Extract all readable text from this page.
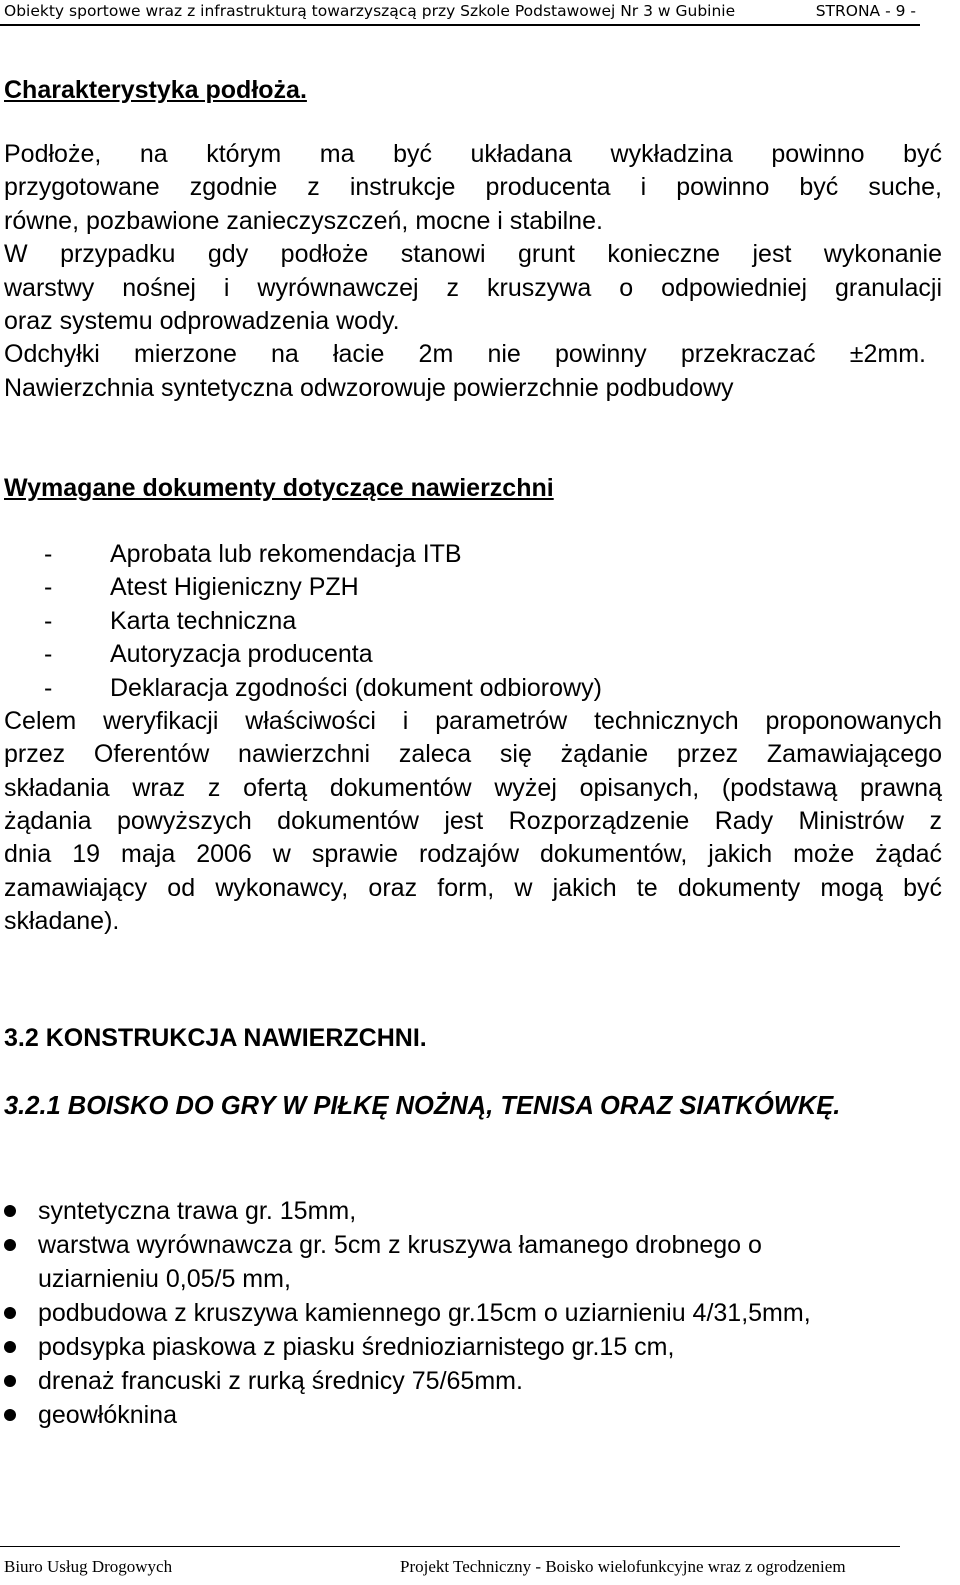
Obiekty sportowe wraz z infrastrukturą towarzyszącą przy Szkole Podstawowej Nr 3 w Gubinie	STRONA - 9 -
Charakterystyka podłoża.
Podłoże, na którym ma być układana wykładzina powinno być
przygotowane zgodnie z instrukcje producenta i powinno być suche,
równe, pozbawione zanieczyszczeń, mocne i stabilne.
W przypadku gdy podłoże stanowi grunt konieczne jest wykonanie
warstwy nośnej i wyrównawczej z kruszywa o odpowiedniej granulacji
oraz systemu odprowadzenia wody.
Odchyłki mierzone na łacie 2m nie powinny przekraczać ±2mm.
Nawierzchnia syntetyczna odwzorowuje powierzchnie podbudowy
Wymagane dokumenty dotyczące nawierzchni
- Aprobata lub rekomendacja ITB
- Atest Higieniczny PZH
- Karta techniczna
- Autoryzacja producenta
- Deklaracja zgodności (dokument odbiorowy)
Celem weryfikacji właściwości i parametrów technicznych proponowanych
przez Oferentów nawierzchni zaleca się żądanie przez Zamawiającego
składania wraz z ofertą dokumentów wyżej opisanych, (podstawą prawną
żądania powyższych dokumentów jest Rozporządzenie Rady Ministrów z
dnia 19 maja 2006 w sprawie rodzajów dokumentów, jakich może żądać
zamawiający od wykonawcy, oraz form, w jakich te dokumenty mogą być
składane).
3.2 KONSTRUKCJA NAWIERZCHNI.
3.2.1 BOISKO DO GRY W PIŁKĘ NOŻNĄ, TENISA ORAZ SIATKÓWKĘ.
syntetyczna trawa gr. 15mm,
warstwa wyrównawcza gr. 5cm z kruszywa łamanego drobnego o uziarnieniu 0,05/5 mm,
podbudowa z kruszywa kamiennego gr.15cm o uziarnieniu 4/31,5mm,
podsypka piaskowa z piasku średnioziarnistego gr.15 cm,
drenaż francuski z rurką średnicy 75/65mm.
geowłóknina
Biuro Usług Drogowych	Projekt Techniczny - Boisko wielofunkcyjne wraz z ogrodzeniem
